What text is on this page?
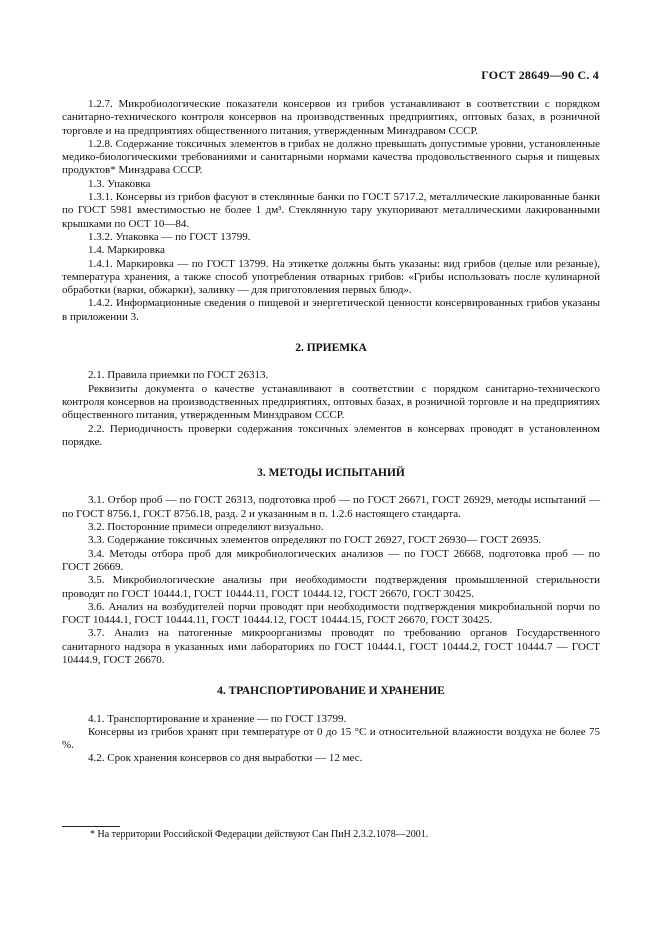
ГОСТ 28649—90 С. 4

1.2.7. Микробиологические показатели консервов из грибов устанавливают в соответствии с порядком санитарно-технического контроля консервов на производственных предприятиях, оптовых базах, в розничной торговле и на предприятиях общественного питания, утвержденным Минздравом СССР.

1.2.8. Содержание токсичных элементов в грибах не должно превышать допустимые уровни, установленные медико-биологическими требованиями и санитарными нормами качества продовольственного сырья и пищевых продуктов* Минздрава СССР.

1.3. Упаковка

1.3.1. Консервы из грибов фасуют в стеклянные банки по ГОСТ 5717.2, металлические лакированные банки по ГОСТ 5981 вместимостью не более 1 дм³. Стеклянную тару укупоривают металлическими лакированными крышками по ОСТ 10—84.

1.3.2. Упаковка — по ГОСТ 13799.

1.4. Маркировка

1.4.1. Маркировка — по ГОСТ 13799. На этикетке должны быть указаны: вид грибов (целые или резаные), температура хранения, а также способ употребления отварных грибов: «Грибы использовать после кулинарной обработки (варки, обжарки), заливку — для приготовления первых блюд».

1.4.2. Информационные сведения о пищевой и энергетической ценности консервированных грибов указаны в приложении 3.

2. ПРИЕМКА

2.1. Правила приемки по ГОСТ 26313.

Реквизиты документа о качестве устанавливают в соответствии с порядком санитарно-технического контроля консервов на производственных предприятиях, оптовых базах, в розничной торговле и на предприятиях общественного питания, утвержденным Минздравом СССР.

2.2. Периодичность проверки содержания токсичных элементов в консервах проводят в установленном порядке.

3. МЕТОДЫ ИСПЫТАНИЙ

3.1. Отбор проб — по ГОСТ 26313, подготовка проб — по ГОСТ 26671, ГОСТ 26929, методы испытаний — по ГОСТ 8756.1, ГОСТ 8756.18, разд. 2 и указанным в п. 1.2.6 настоящего стандарта.

3.2. Посторонние примеси определяют визуально.

3.3. Содержание токсичных элементов определяют по ГОСТ 26927, ГОСТ 26930— ГОСТ 26935.

3.4. Методы отбора проб для микробиологических анализов — по ГОСТ 26668, подготовка проб — по ГОСТ 26669.

3.5. Микробиологические анализы при необходимости подтверждения промышленной стерильности проводят по ГОСТ 10444.1, ГОСТ 10444.11, ГОСТ 10444.12, ГОСТ 26670, ГОСТ 30425.

3.6. Анализ на возбудителей порчи проводят при необходимости подтверждения микробиальной порчи по ГОСТ 10444.1, ГОСТ 10444.11, ГОСТ 10444.12, ГОСТ 10444.15, ГОСТ 26670, ГОСТ 30425.

3.7. Анализ на патогенные микроорганизмы проводят по требованию органов Государственного санитарного надзора в указанных ими лабораториях по ГОСТ 10444.1, ГОСТ 10444.2, ГОСТ 10444.7 — ГОСТ 10444.9, ГОСТ 26670.

4. ТРАНСПОРТИРОВАНИЕ И ХРАНЕНИЕ

4.1. Транспортирование и хранение — по ГОСТ 13799.

Консервы из грибов хранят при температуре от 0 до 15 °С и относительной влажности воздуха не более 75 %.

4.2. Срок хранения консервов со дня выработки — 12 мес.

* На территории Российской Федерации действуют Сан ПиН 2.3.2.1078—2001.
